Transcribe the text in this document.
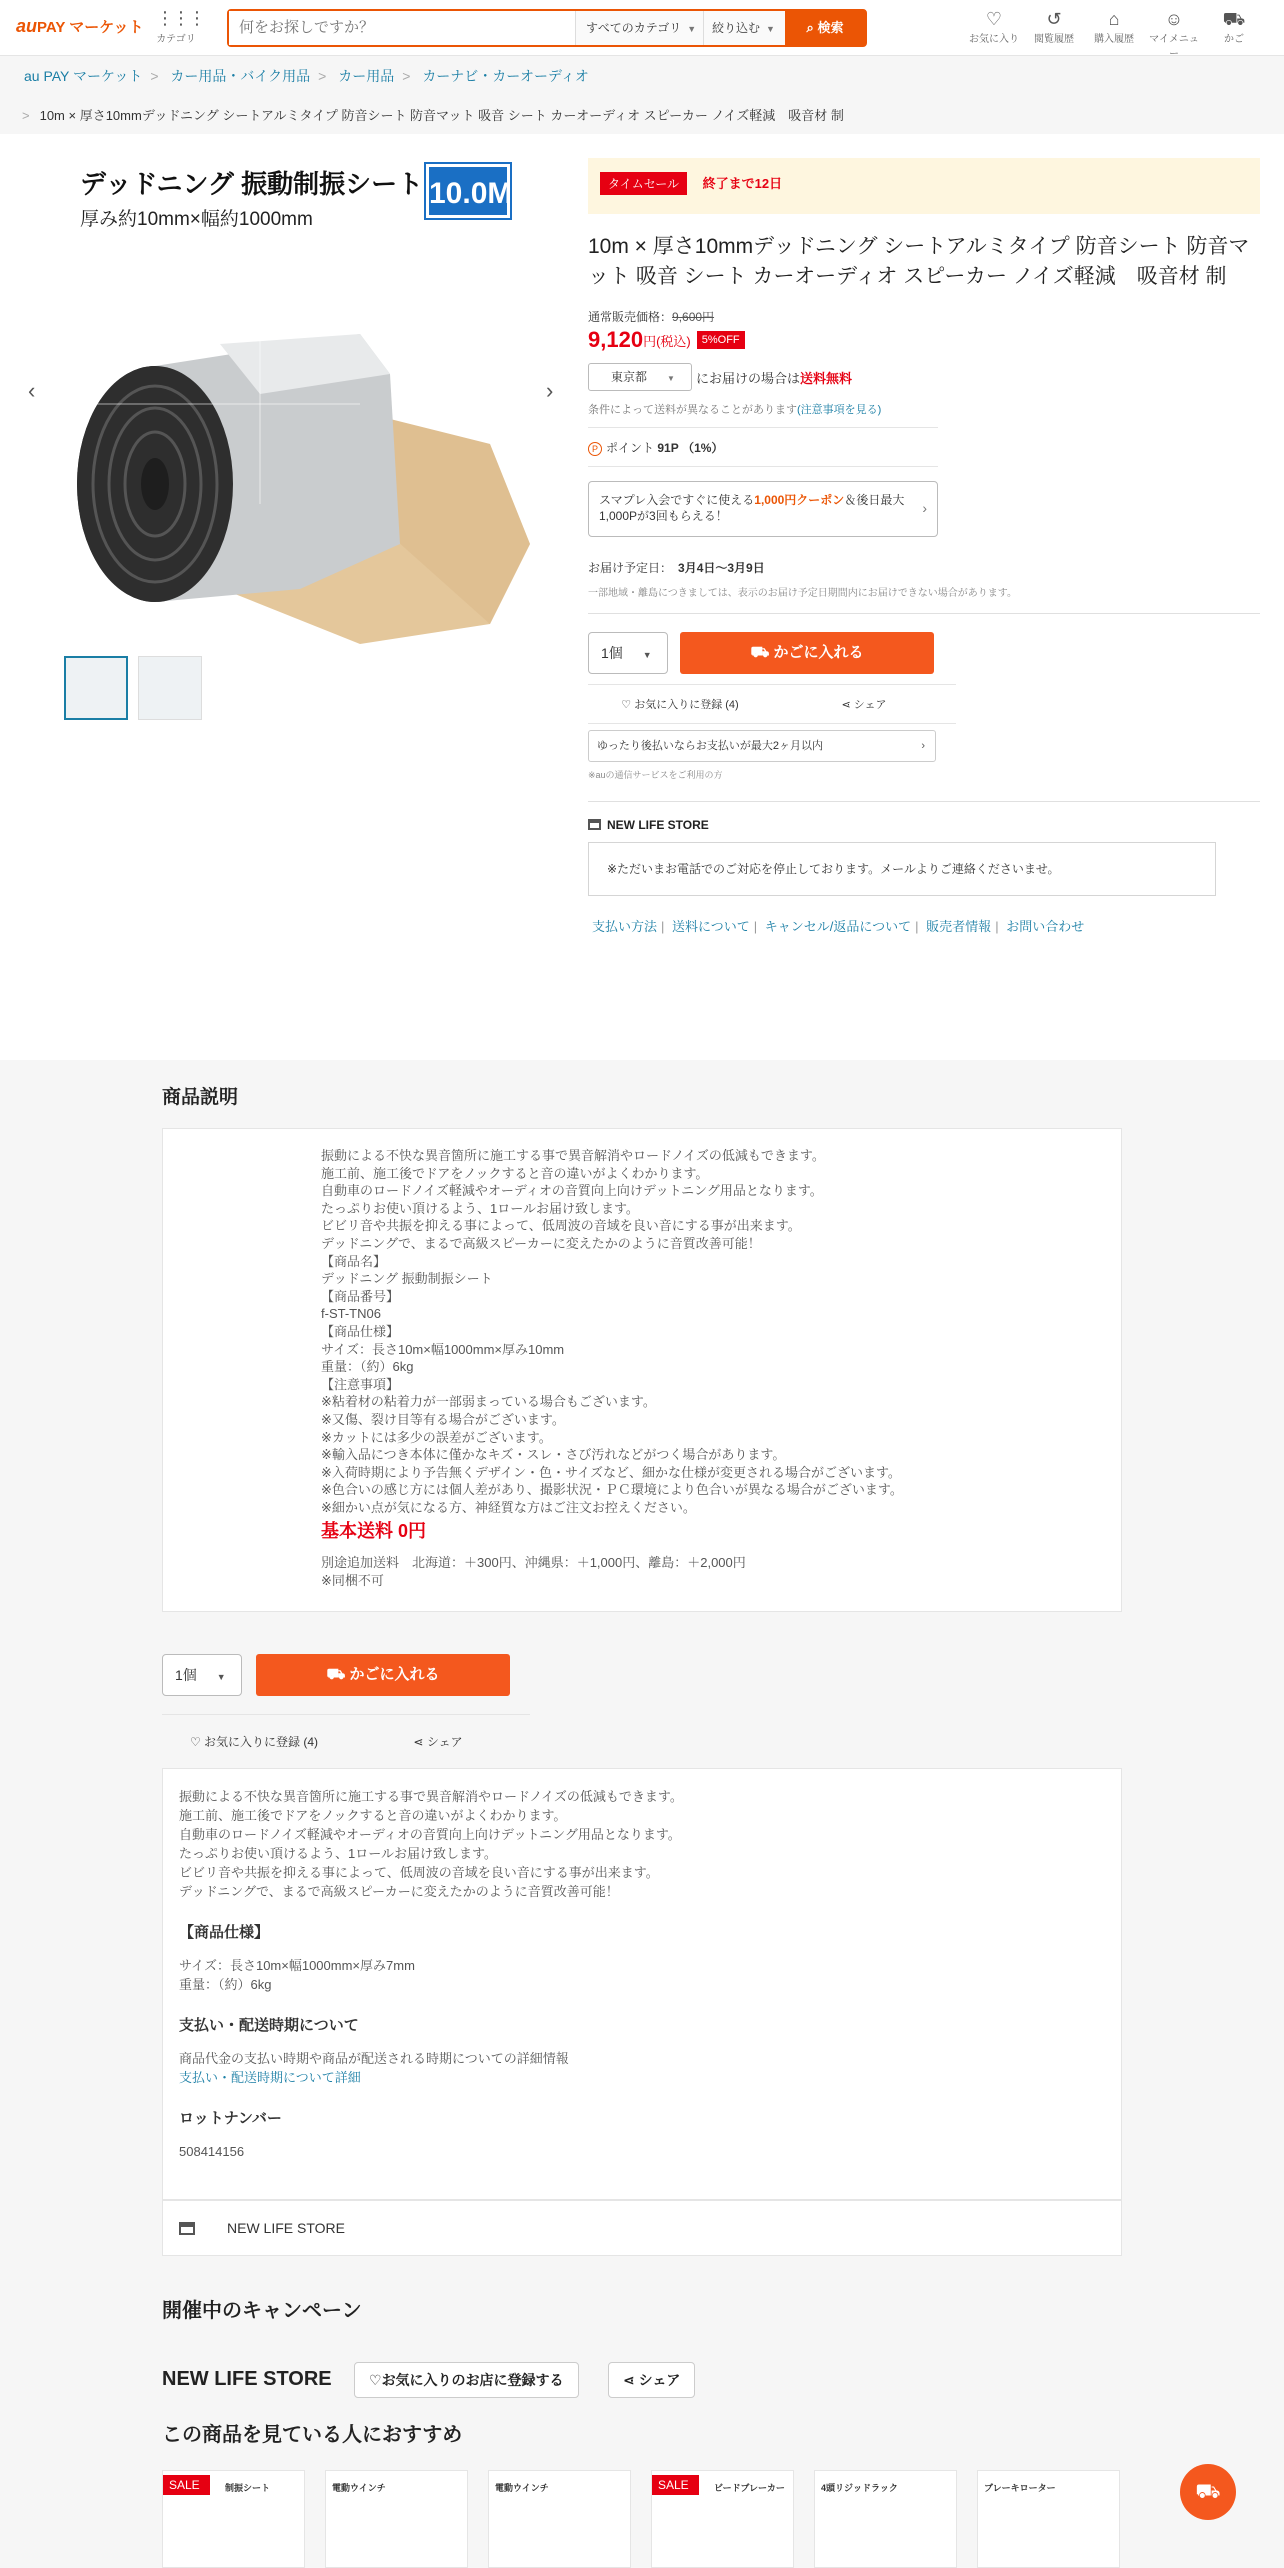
auPAY マーケット ⋮⋮⋮
カテゴリ
何をお探しですか？
すべてのカテゴリ ▼	絞り込む ▼	⌕ 検索	♡
お気に入り
↺
閲覧履歴
⌂
購入履歴
☺
マイメニュー
⛟
かご
au PAY マーケット > カー用品・バイク用品 > カー用品 > カーナビ・カーオーディオ
> 10m × 厚さ10mmデッドニング シートアルミタイプ 防音シート 防音マット 吸音 シート カーオーディオ スピーカー ノイズ軽減　吸音材 制
デッドニング 振動制振シート
厚み約10mm×幅約1000mm
10.0M
‹	›
タイムセール 終了まで12日
10m × 厚さ10mmデッドニング シートアルミタイプ 防音シート 防音マット 吸音 シート カーオーディオ スピーカー ノイズ軽減　吸音材 制
通常販売価格：9,600円
9,120 円(税込)	5%OFF
東京都	▼	にお届けの場合は 送料無料
条件によって送料が異なることがあります(注意事項を見る)
P ポイント 91P （1%）
スマプレ入会ですぐに使える1,000円クーポン＆後日最大1,000Pが3回もらえる！	›
お届け予定日： 3月4日～3月9日
一部地域・離島につきましては、表示のお届け予定日期間内にお届けできない場合があります。
1個 ▼	⛟ かごに入れる
♡ お気に入りに登録 (4)	⋖ シェア
ゆったり後払いならお支払いが最大2ヶ月以内	›
※auの通信サービスをご利用の方
NEW LIFE STORE
※ただいまお電話でのご対応を停止しております。メールよりご連絡くださいませ。
支払い方法 | 送料について | キャンセル/返品について | 販売者情報 | お問い合わせ
商品説明
振動による不快な異音箇所に施工する事で異音解消やロードノイズの低減もできます。
施工前、施工後でドアをノックすると音の違いがよくわかります。
自動車のロードノイズ軽減やオーディオの音質向上向けデットニング用品となります。
たっぷりお使い頂けるよう、1ロールお届け致します。
ビビリ音や共振を抑える事によって、低周波の音域を良い音にする事が出来ます。
デッドニングで、まるで高級スピーカーに変えたかのように音質改善可能！
【商品名】
デッドニング 振動制振シート
【商品番号】
f-ST-TN06
【商品仕様】
サイズ：長さ10m×幅1000mm×厚み10mm
重量：（約）6kg
【注意事項】
※粘着材の粘着力が一部弱まっている場合もございます。
※又傷、裂け目等有る場合がございます。
※カットには多少の誤差がございます。
※輸入品につき本体に僅かなキズ・スレ・さび汚れなどがつく場合があります。
※入荷時期により予告無くデザイン・色・サイズなど、細かな仕様が変更される場合がございます。
※色合いの感じ方には個人差があり、撮影状況・ＰＣ環境により色合いが異なる場合がございます。
※細かい点が気になる方、神経質な方はご注文お控えください。
基本送料 0円
別途追加送料　北海道：＋300円、沖縄県：＋1,000円、離島：＋2,000円
※同梱不可
1個 ▼	⛟ かごに入れる
♡ お気に入りに登録 (4)	⋖ シェア
振動による不快な異音箇所に施工する事で異音解消やロードノイズの低減もできます。
施工前、施工後でドアをノックすると音の違いがよくわかります。
自動車のロードノイズ軽減やオーディオの音質向上向けデットニング用品となります。
たっぷりお使い頂けるよう、1ロールお届け致します。
ビビリ音や共振を抑える事によって、低周波の音域を良い音にする事が出来ます。
デッドニングで、まるで高級スピーカーに変えたかのように音質改善可能！
【商品仕様】
サイズ：長さ10m×幅1000mm×厚み7mm
重量：（約）6kg
支払い・配送時期について
商品代金の支払い時期や商品が配送される時期についての詳細情報
支払い・配送時期について詳細
ロットナンバー
508414156
NEW LIFE STORE
開催中のキャンペーン
NEW LIFE STORE	♡お気に入りのお店に登録する	⋖ シェア
この商品を見ている人におすすめ
SALE	制振シート	電動ウインチ	電動ウインチ	SALE	ビードブレーカー	4頭リジッドラック	ブレーキローター	⛟
